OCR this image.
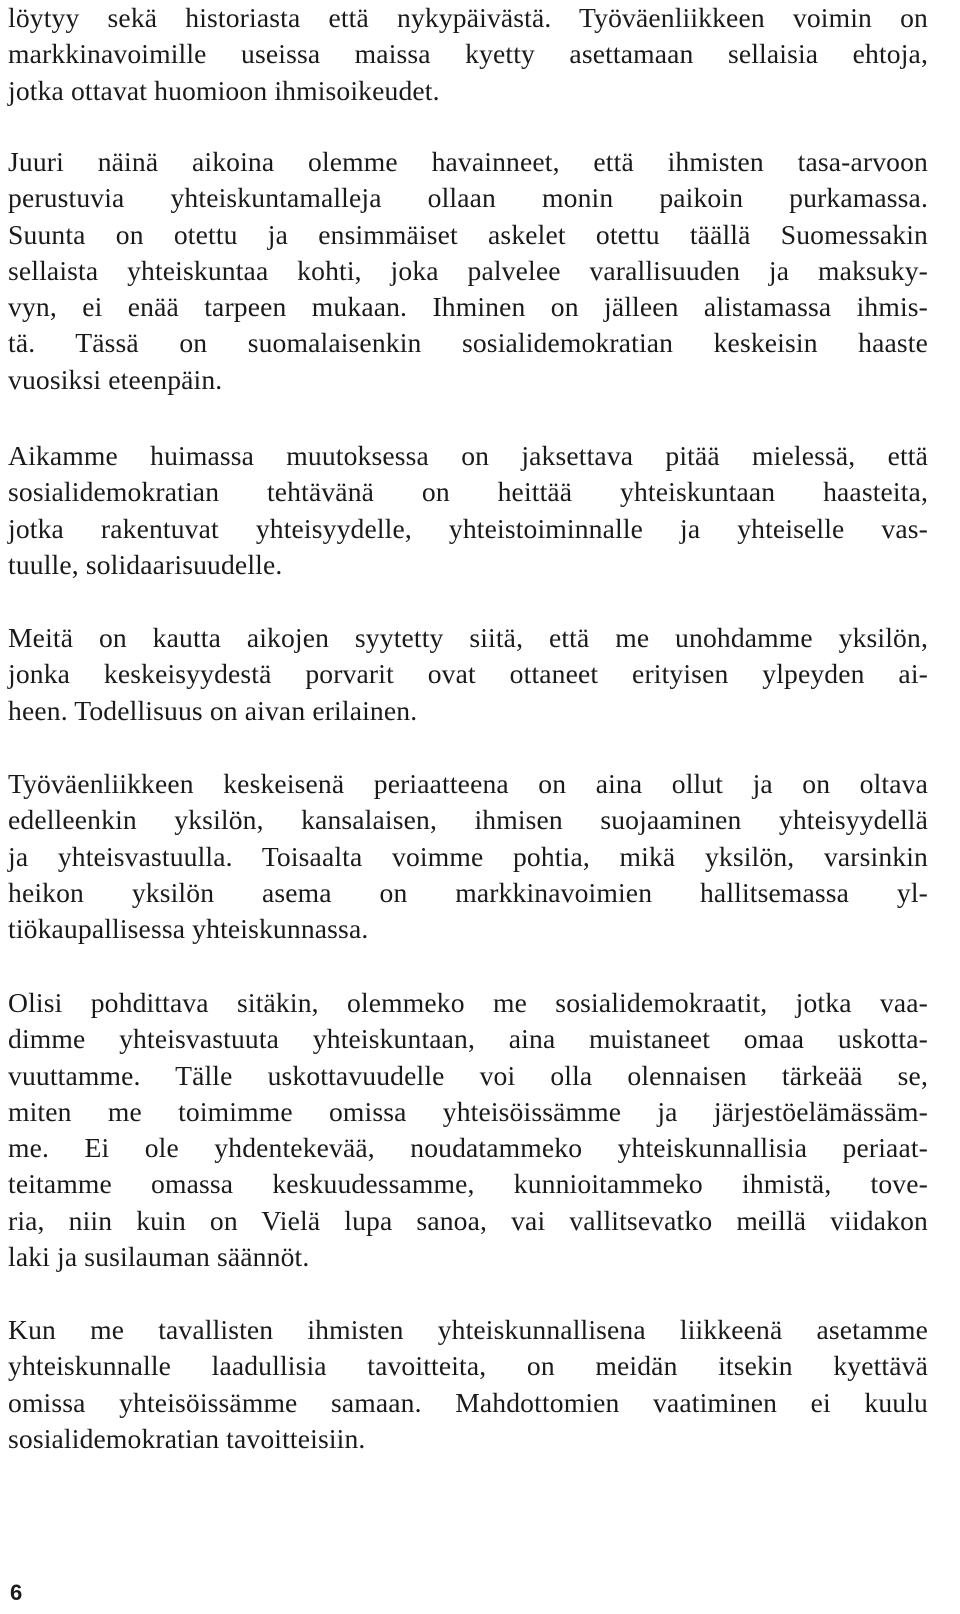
löytyy sekä historiasta että nykypäivästä. Työväenliikkeen voimin on
markkinavoimille useissa maissa kyetty asettamaan sellaisia ehtoja,
jotka ottavat huomioon ihmisoikeudet.

Juuri näinä aikoina olemme havainneet, että ihmisten tasa-arvoon
perustuvia yhteiskuntamalleja ollaan monin paikoin purkamassa.
Suunta on otettu ja ensimmäiset askelet otettu täällä Suomessakin
sellaista yhteiskuntaa kohti, joka palvelee varallisuuden ja maksuky-
vyn, ei enää tarpeen mukaan. Ihminen on jälleen alistamassa ihmis-
tä. Tässä on suomalaisenkin sosialidemokratian keskeisin haaste
vuosiksi eteenpäin.

Aikamme huimassa muutoksessa on jaksettava pitää mielessä, että
sosialidemokratian tehtävänä on heittää yhteiskuntaan haasteita,
jotka rakentuvat yhteisyydelle, yhteistoiminnalle ja yhteiselle vas-
tuulle, solidaarisuudelle.

Meitä on kautta aikojen syytetty siitä, että me unohdamme yksilön,
jonka keskeisyydestä porvarit ovat ottaneet erityisen ylpeyden ai-
heen. Todellisuus on aivan erilainen.

Työväenliikkeen keskeisenä periaatteena on aina ollut ja on oltava
edelleenkin yksilön, kansalaisen, ihmisen suojaaminen yhteisyydellä
ja yhteisvastuulla. Toisaalta voimme pohtia, mikä yksilön, varsinkin
heikon yksilön asema on markkinavoimien hallitsemassa yl-
tiökaupallisessa yhteiskunnassa.

Olisi pohdittava sitäkin, olemmeko me sosialidemokraatit, jotka vaa-
dimme yhteisvastuuta yhteiskuntaan, aina muistaneet omaa uskotta-
vuuttamme. Tälle uskottavuudelle voi olla olennaisen tärkeää se,
miten me toimimme omissa yhteisöissämme ja järjestöelämässäm-
me. Ei ole yhdentekevää, noudatammeko yhteiskunnallisia periaat-
teitamme omassa keskuudessamme, kunnioitammeko ihmistä, tove-
ria, niin kuin on Vielä lupa sanoa, vai vallitsevatko meillä viidakon
laki ja susilauman säännöt.

Kun me tavallisten ihmisten yhteiskunnallisena liikkeenä asetamme
yhteiskunnalle laadullisia tavoitteita, on meidän itsekin kyettävä
omissa yhteisöissämme samaan. Mahdottomien vaatiminen ei kuulu
sosialidemokratian tavoitteisiin.

6
